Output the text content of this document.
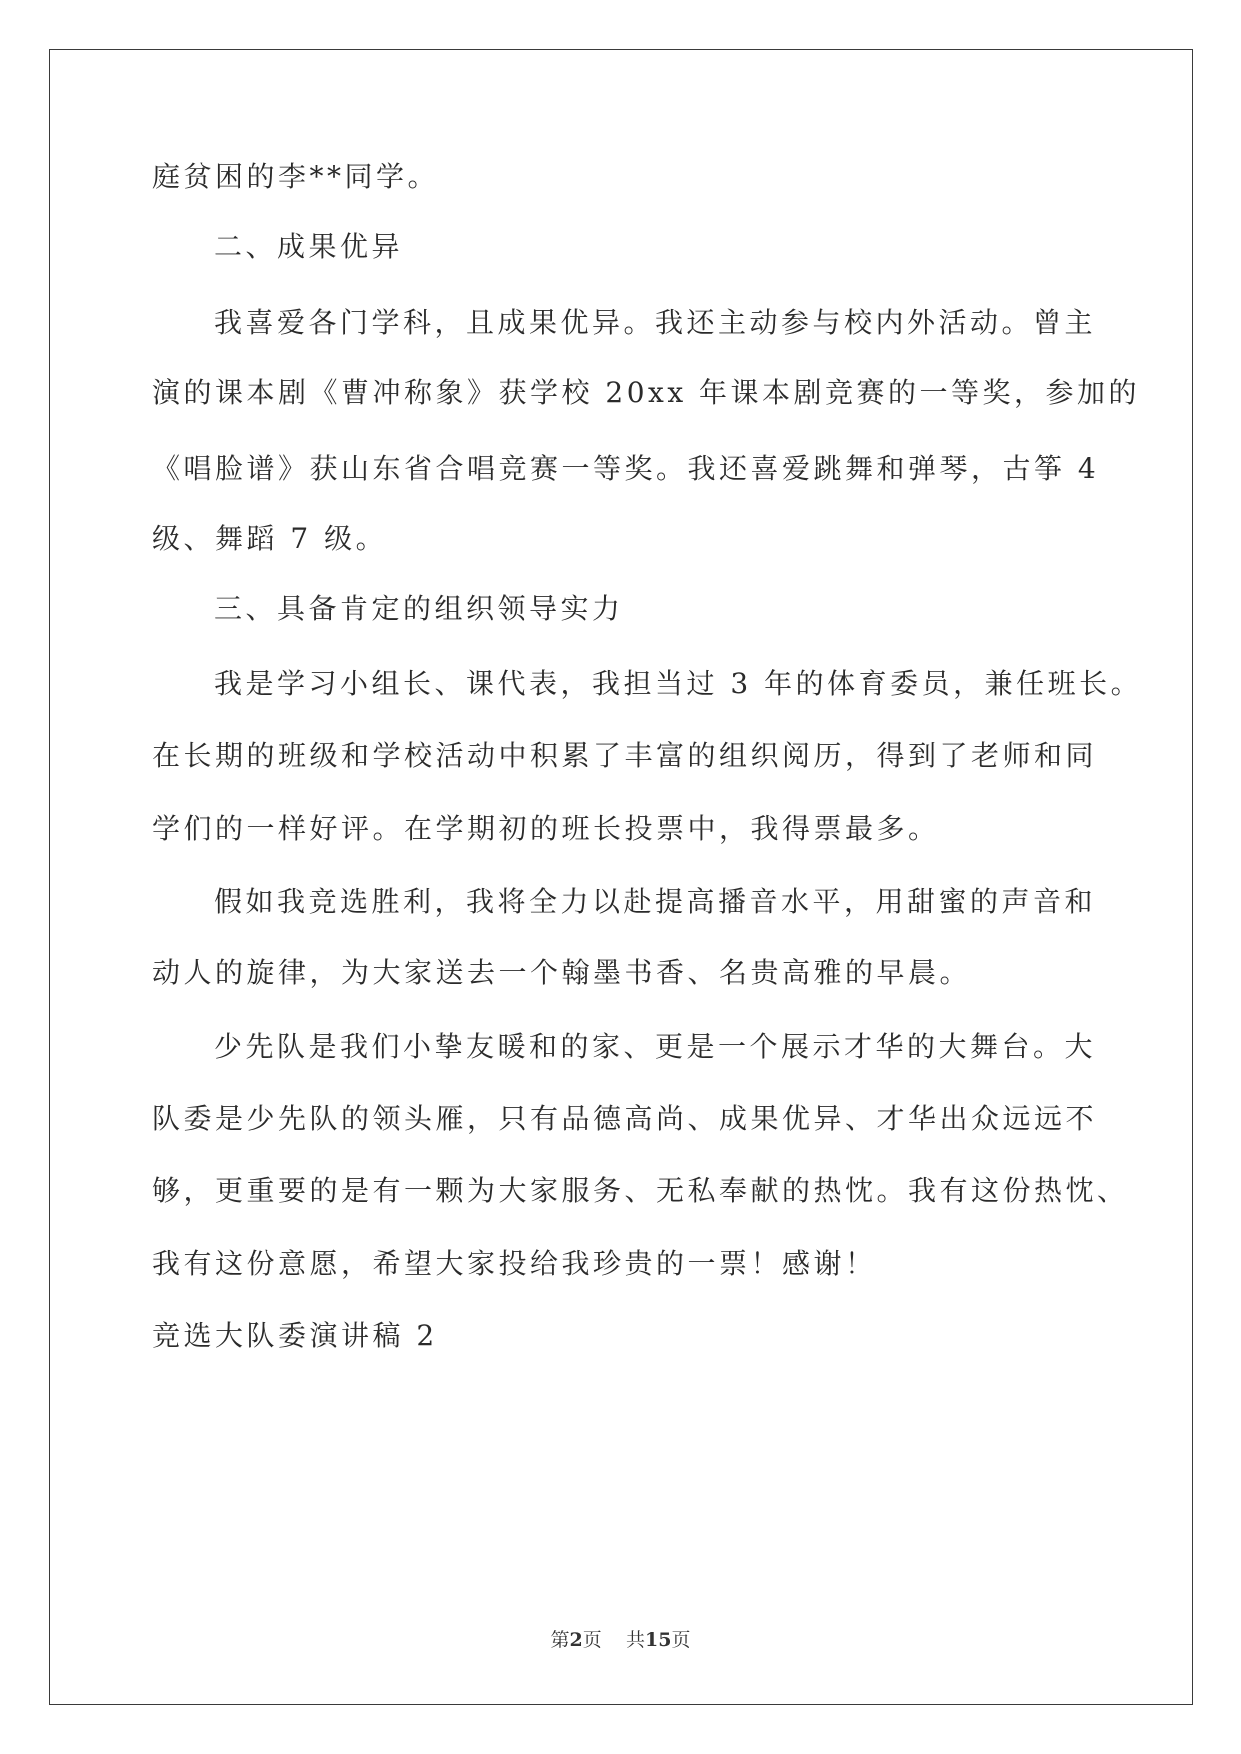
庭贫困的李**同学。
二、成果优异
我喜爱各门学科，且成果优异。我还主动参与校内外活动。曾主
演的课本剧《曹冲称象》获学校 20xx 年课本剧竞赛的一等奖，参加的
《唱脸谱》获山东省合唱竞赛一等奖。我还喜爱跳舞和弹琴，古筝 4
级、舞蹈 7 级。
三、具备肯定的组织领导实力
我是学习小组长、课代表，我担当过 3 年的体育委员，兼任班长。
在长期的班级和学校活动中积累了丰富的组织阅历，得到了老师和同
学们的一样好评。在学期初的班长投票中，我得票最多。
假如我竞选胜利，我将全力以赴提高播音水平，用甜蜜的声音和
动人的旋律，为大家送去一个翰墨书香、名贵高雅的早晨。
少先队是我们小挚友暖和的家、更是一个展示才华的大舞台。大
队委是少先队的领头雁，只有品德高尚、成果优异、才华出众远远不
够，更重要的是有一颗为大家服务、无私奉献的热忱。我有这份热忱、
我有这份意愿，希望大家投给我珍贵的一票！感谢！
竞选大队委演讲稿 2
第2页 共15页
